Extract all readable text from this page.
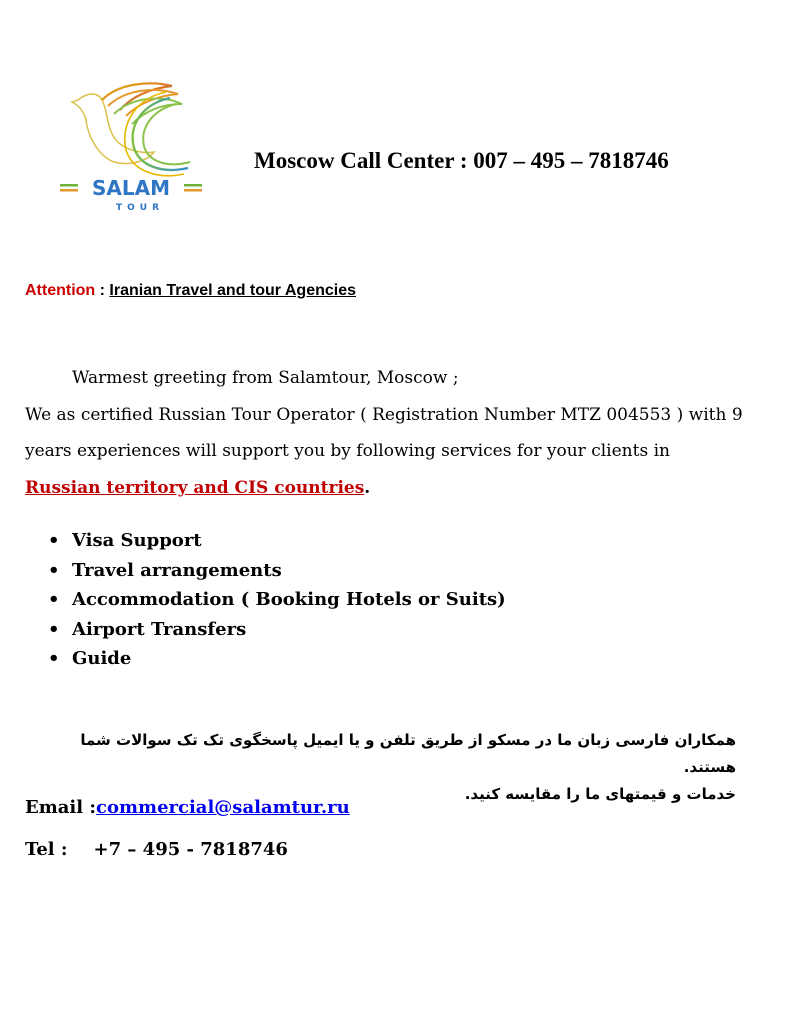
SALAM
TOUR
Moscow Call Center : 007 – 495 – 7818746
Attention : Iranian Travel and tour Agencies
Warmest greeting from Salamtour, Moscow ;
We as certified Russian Tour Operator ( Registration Number MTZ 004553 ) with 9 years experiences will support you by following services for your clients in Russian territory and CIS countries.
• Visa Support
• Travel arrangements
• Accommodation ( Booking Hotels or Suits)
• Airport Transfers
• Guide
همکاران فارسی زبان ما در مسکو از طریق تلفن و یا ایمیل پاسخگوی تک تک سوالات شما هستند.
خدمات و قیمتهای ما را مقایسه کنید.
Email :commercial@salamtur.ru
Tel : +7 – 495 - 7818746
